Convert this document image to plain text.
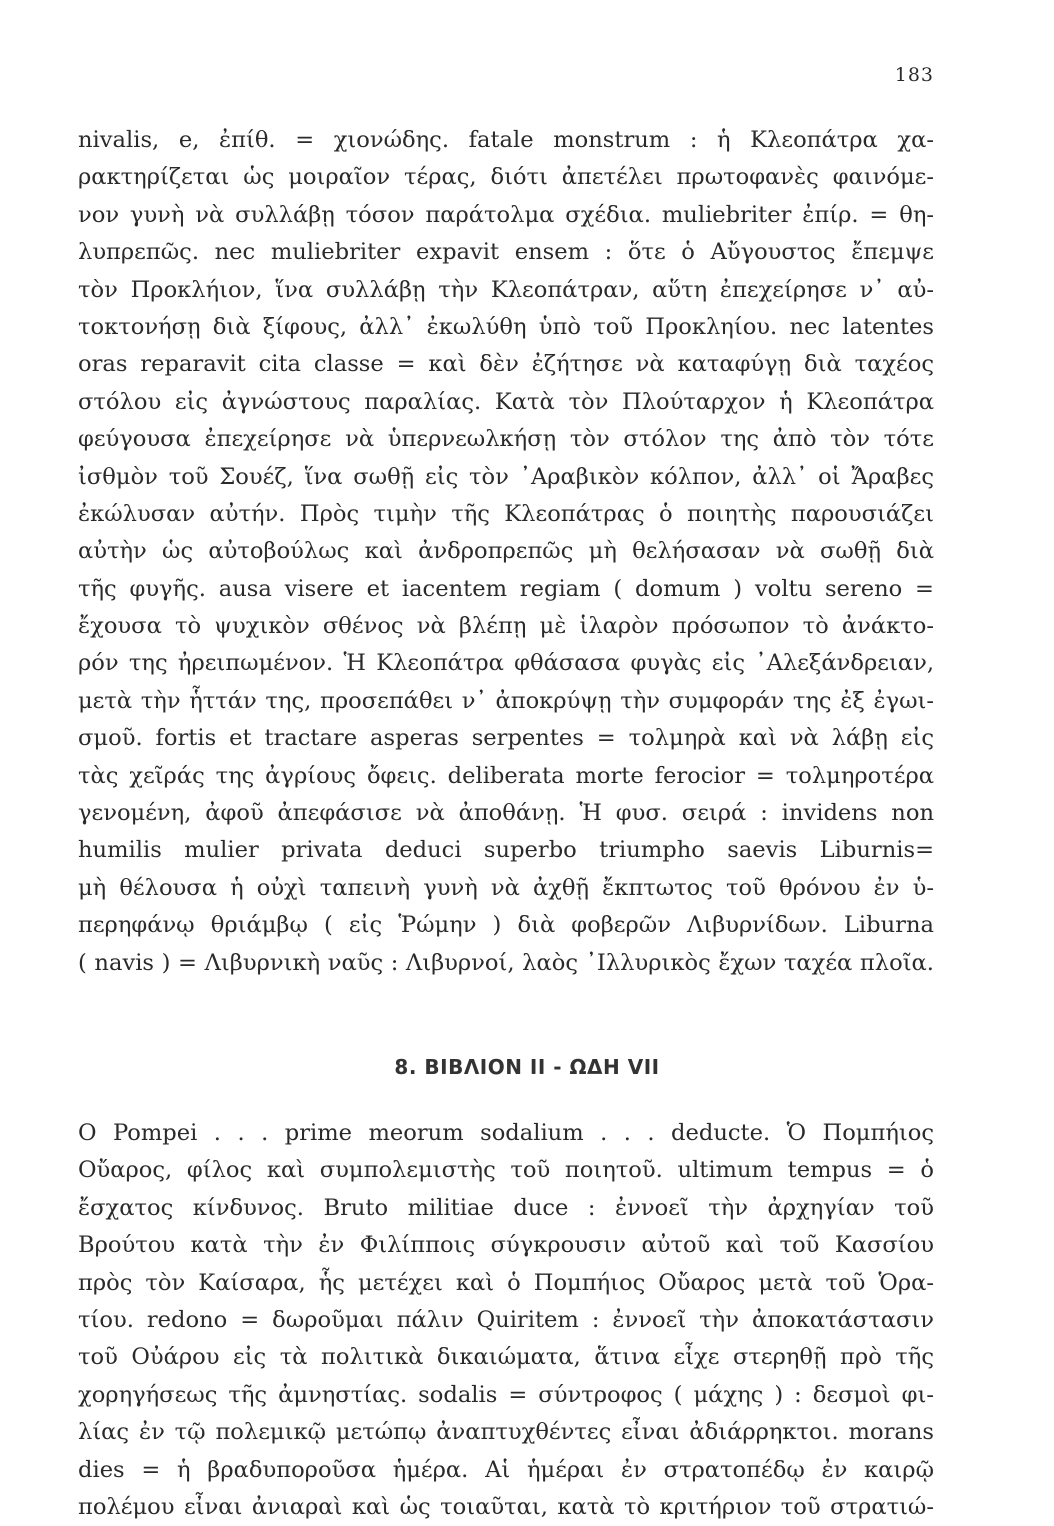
183
nivalis, e, ἐπίθ. = χιονώδης. fatale monstrum : ἡ Κλεοπάτρα χα-
ρακτηρίζεται ὡς μοιραῖον τέρας, διότι ἀπετέλει πρωτοφανὲς φαινόμε-
νον γυνὴ νὰ συλλάβῃ τόσον παράτολμα σχέδια. muliebriter ἐπίρ. = θη-
λυπρεπῶς. nec muliebriter expavit ensem : ὅτε ὁ Αὔγουστος ἔπεμψε
τὸν Προκλήιον, ἵνα συλλάβῃ τὴν Κλεοπάτραν, αὕτη ἐπεχείρησε ν᾽ αὐ-
τοκτονήσῃ διὰ ξίφους, ἀλλ᾽ ἐκωλύθη ὑπὸ τοῦ Προκληίου. nec latentes
oras reparavit cita classe = καὶ δὲν ἐζήτησε νὰ καταφύγῃ διὰ ταχέος
στόλου εἰς ἀγνώστους παραλίας. Κατὰ τὸν Πλούταρχον ἡ Κλεοπάτρα
φεύγουσα ἐπεχείρησε νὰ ὑπερνεωλκήσῃ τὸν στόλον της ἀπὸ τὸν τότε
ἰσθμὸν τοῦ Σουέζ, ἵνα σωθῇ εἰς τὸν ᾽Αραβικὸν κόλπον, ἀλλ᾽ οἱ Ἄραβες
ἐκώλυσαν αὐτήν. Πρὸς τιμὴν τῆς Κλεοπάτρας ὁ ποιητὴς παρουσιάζει
αὐτὴν ὡς αὐτοβούλως καὶ ἀνδροπρεπῶς μὴ θελήσασαν νὰ σωθῇ διὰ
τῆς φυγῆς. ausa visere et iacentem regiam ( domum ) voltu sereno =
ἔχουσα τὸ ψυχικὸν σθένος νὰ βλέπῃ μὲ ἱλαρὸν πρόσωπον τὸ ἀνάκτο-
ρόν της ἠρειπωμένον. Ἡ Κλεοπάτρα φθάσασα φυγὰς εἰς ᾽Αλεξάνδρειαν,
μετὰ τὴν ἧττάν της, προσεπάθει ν᾽ ἀποκρύψῃ τὴν συμφοράν της ἐξ ἐγωι-
σμοῦ. fortis et tractare asperas serpentes = τολμηρὰ καὶ νὰ λάβῃ εἰς
τὰς χεῖράς της ἀγρίους ὄφεις. deliberata morte ferocior = τολμηροτέρα
γενομένη, ἀφοῦ ἀπεφάσισε νὰ ἀποθάνῃ. Ἡ φυσ. σειρά : invidens non
humilis mulier privata deduci superbo triumpho saevis Liburnis=
μὴ θέλουσα ἡ οὐχὶ ταπεινὴ γυνὴ νὰ ἀχθῇ ἔκπτωτος τοῦ θρόνου ἐν ὑ-
περηφάνῳ θριάμβῳ ( εἰς Ῥώμην ) διὰ φοβερῶν Λιβυρνίδων. Liburna
( navis ) = Λιβυρνικὴ ναῦς : Λιβυρνοί, λαὸς ᾽Ιλλυρικὸς ἔχων ταχέα πλοῖα.
8. ΒΙΒΛΙΟΝ ΙΙ - ΩΔΗ VII
O Pompei . . . prime meorum sodalium . . . deducte. Ὁ Πομπήιος
Οὔαρος, φίλος καὶ συμπολεμιστὴς τοῦ ποιητοῦ. ultimum tempus = ὁ
ἔσχατος κίνδυνος. Bruto militiae duce : ἐννοεῖ τὴν ἀρχηγίαν τοῦ
Βρούτου κατὰ τὴν ἐν Φιλίπποις σύγκρουσιν αὐτοῦ καὶ τοῦ Κασσίου
πρὸς τὸν Καίσαρα, ἧς μετέχει καὶ ὁ Πομπήιος Οὔαρος μετὰ τοῦ Ὁρα-
τίου. redono = δωροῦμαι πάλιν Quiritem : ἐννοεῖ τὴν ἀποκατάστασιν
τοῦ Οὐάρου εἰς τὰ πολιτικὰ δικαιώματα, ἅτινα εἶχε στερηθῇ πρὸ τῆς
χορηγήσεως τῆς ἀμνηστίας. sodalis = σύντροφος ( μάχης ) : δεσμοὶ φι-
λίας ἐν τῷ πολεμικῷ μετώπῳ ἀναπτυχθέντες εἶναι ἀδιάρρηκτοι. morans
dies = ἡ βραδυποροῦσα ἡμέρα. Αἱ ἡμέραι ἐν στρατοπέδῳ ἐν καιρῷ
πολέμου εἶναι ἀνιαραὶ καὶ ὡς τοιαῦται, κατὰ τὸ κριτήριον τοῦ στρατιώ-
